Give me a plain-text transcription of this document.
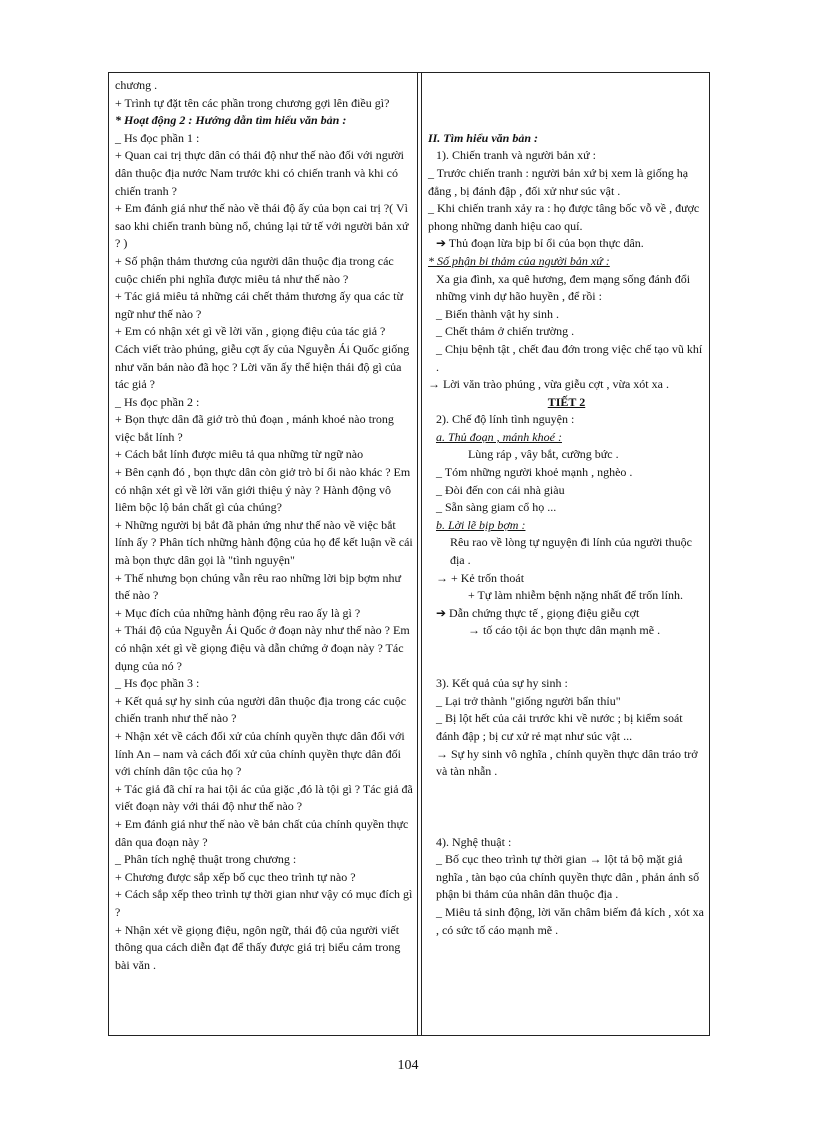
chương .
+ Trình tự đặt tên các phần trong chương gợi lên điều gì?
* Hoạt động 2 : Hướng dẫn tìm hiểu văn bản :
_ Hs đọc phần 1 :
+ Quan cai trị thực dân có thái độ như thế nào đối với người dân thuộc địa nước Nam trước khi có chiến tranh và khi có chiến tranh ?
+ Em đánh giá như thế nào về thái độ ấy của bọn cai trị ?( Vì sao khi chiến tranh bùng nổ, chúng lại tử tế với người bản xứ ? )
+ Số phận thảm thương của người dân thuộc địa trong các cuộc chiến phi nghĩa được miêu tả như thế nào ?
+ Tác giả miêu tả những cái chết thảm thương ấy qua các từ ngữ như thế nào ?
+ Em có nhận xét gì về lời văn , giọng điệu của tác giả ? Cách viết trào phúng, giễu cợt ấy của Nguyễn Ái Quốc giống như văn bản nào đã học ? Lời văn ấy thể hiện thái độ gì của tác giả ?
_ Hs đọc phần 2 :
+ Bọn thực dân đã giở trò thủ đoạn , mánh khoé nào trong việc bắt lính ?
+ Cách bắt lính được miêu tả qua những từ ngữ nào
+ Bên cạnh đó , bọn thực dân còn giở trò bỉ ổi nào khác ? Em có nhận xét gì về lời văn giới thiệu ý này ? Hành động vô liêm bộc lộ bản chất gì của chúng?
+ Những người bị bắt đã phản ứng như thế nào về việc bắt lính ấy ? Phân tích những hành động của họ để kết luận về cái mà bọn thực dân gọi là "tình nguyện"
+ Thế nhưng bọn chúng vẫn rêu rao những lời bịp bợm như thế nào ?
+ Mục đích của những hành động rêu rao ấy là gì ?
+ Thái độ của Nguyễn Ái Quốc ở đoạn này như thế nào ? Em có nhận xét gì về giọng điệu và dẫn chứng ở đoạn này ? Tác dụng của nó ?
_ Hs đọc phần 3 :
+ Kết quả sự hy sinh của người dân thuộc địa trong các cuộc chiến tranh như thế nào ?
+ Nhận xét về cách đối xử của chính quyền thực dân đối với lính An – nam và cách đối xử của chính quyền thực dân đối với chính dân tộc của họ ?
+ Tác giả đã chỉ ra hai tội ác của giặc ,đó là tội gì ? Tác giả đã viết đoạn này với thái độ như thế nào ?
+ Em đánh giá như thế nào về bản chất của chính quyền thực dân qua đoạn này ?
_ Phân tích nghệ thuật trong chương :
+ Chương được sắp xếp bố cục theo trình tự nào ?
+ Cách sắp xếp theo trình tự thời gian như vậy có mục đích gì ?
+ Nhận xét về giọng điệu, ngôn ngữ, thái độ của người viết thông qua cách diễn đạt để thấy được giá trị biểu cảm trong bài văn .
II. Tìm hiểu văn bản :
1). Chiến tranh và người bản xứ :
_ Trước chiến tranh : người bản xứ bị xem là giống hạ đẳng , bị đánh đập , đối xử như súc vật .
_ Khi chiến tranh xảy ra : họ được tâng bốc vỗ về , được phong những danh hiệu cao quí.
➔ Thủ đoạn lừa bịp bỉ ổi của bọn thực dân.
* Số phận bi thảm của người bản xứ :
Xa gia đình, xa quê hương, đem mạng sống đánh đổi những vinh dự hão huyền , để rồi :
_ Biến thành vật hy sinh .
_ Chết thảm ở chiến trường .
_ Chịu bệnh tật , chết đau đớn trong việc chế tạo vũ khí .
→ Lời văn trào phúng , vừa giễu cợt , vừa xót xa .
TIẾT 2
2). Chế độ lính tình nguyện :
a. Thủ đoạn , mánh khoé :
Lùng ráp , vây bắt, cưỡng bức .
_ Tóm những người khoẻ mạnh , nghèo .
_ Đòi đến con cái nhà giàu
_ Sẵn sàng giam cổ họ ...
b. Lời lẽ bịp bợm :
Rêu rao về lòng tự nguyện đi lính của người thuộc địa .
→ + Kẻ trốn thoát
+ Tự làm nhiễm bệnh nặng nhất để trốn lính.
➔ Dẫn chứng thực tế , giọng điệu giễu cợt
→ tố cáo tội ác bọn thực dân mạnh mẽ .
3). Kết quả của sự hy sinh :
_ Lại trở thành "giống người bẩn thỉu"
_ Bị lột hết của cải trước khi về nước ; bị kiểm soát đánh đập ; bị cư xử rẻ mạt như súc vật ...
→ Sự hy sinh vô nghĩa , chính quyền thực dân tráo trở và tàn nhẫn .
4). Nghệ thuật :
_ Bố cục theo trình tự thời gian → lột tả bộ mặt giả nghĩa , tàn bạo của chính quyền thực dân , phản ánh số phận bi thảm của nhân dân thuộc địa .
_ Miêu tả sinh động, lời văn châm biếm đả kích , xót xa , có sức tố cáo mạnh mẽ .
104
